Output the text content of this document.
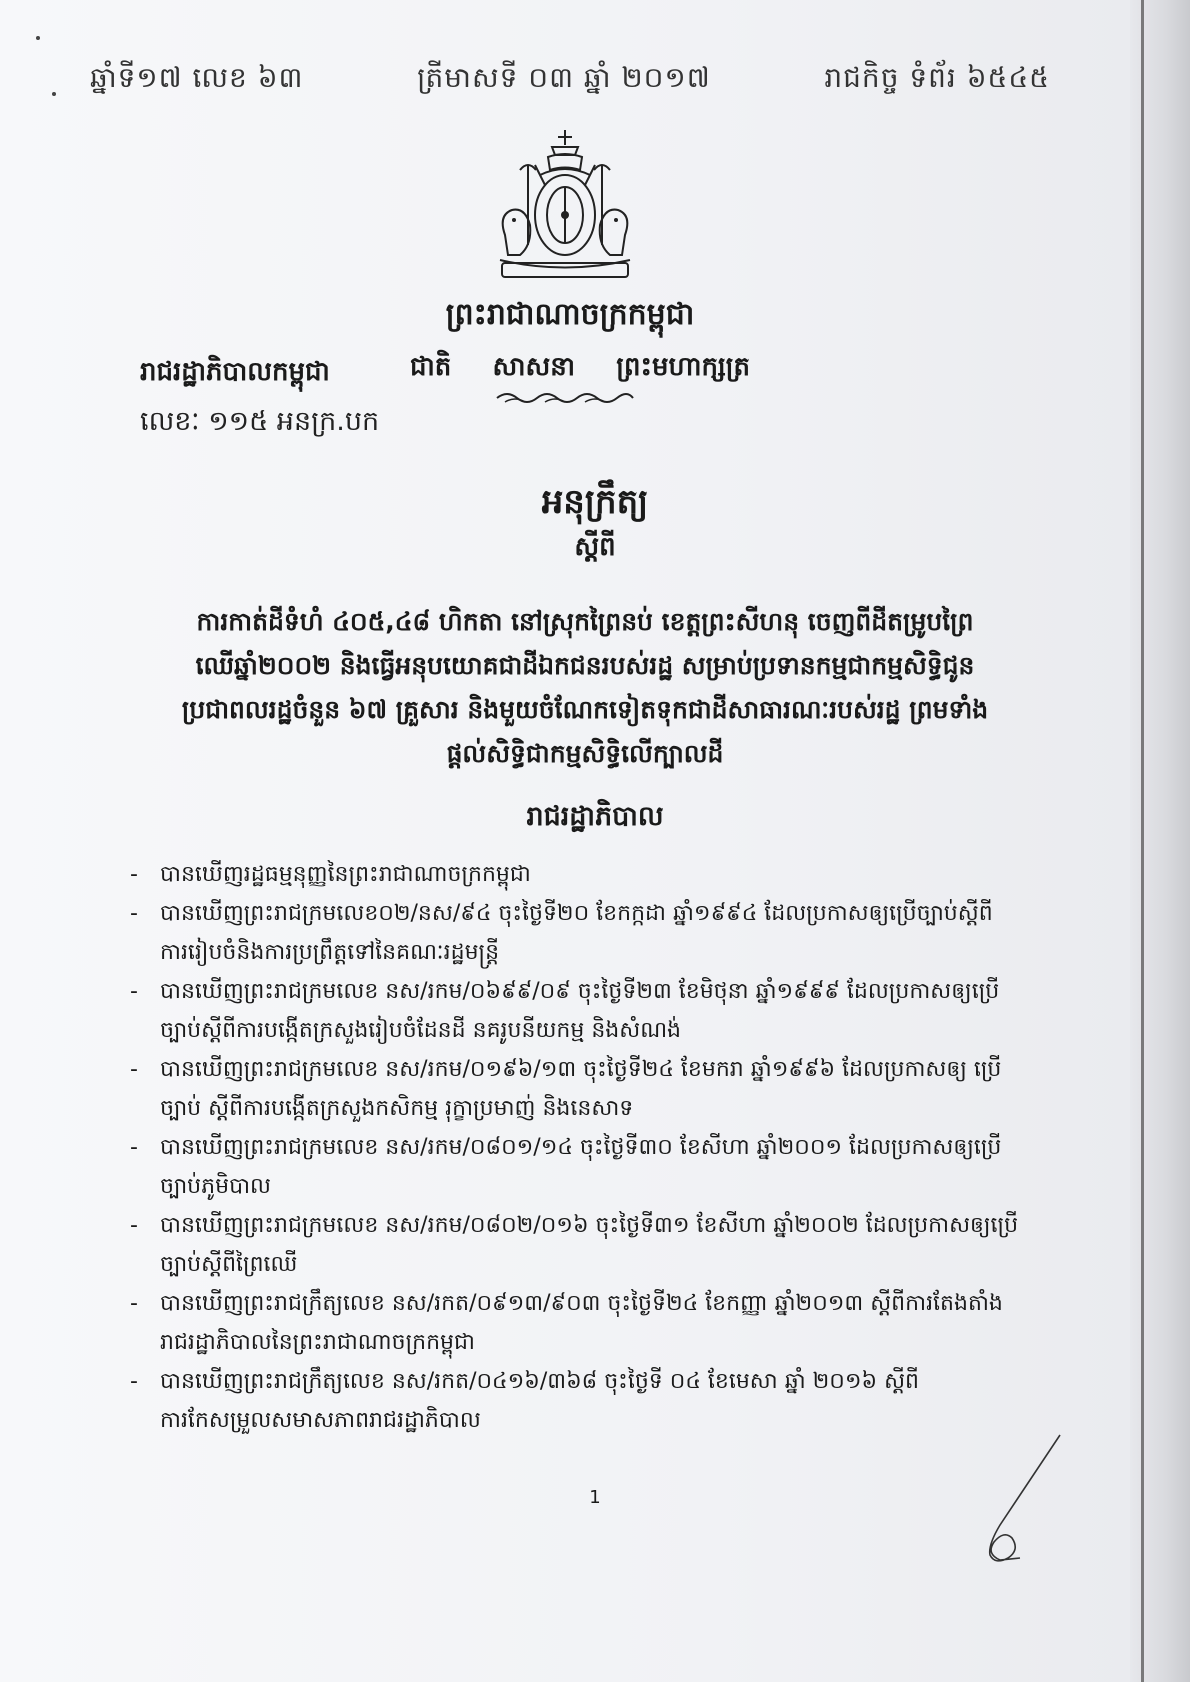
ឆ្នាំទី១៧ លេខ ៦៣	ត្រីមាសទី ០៣ ឆ្នាំ ២០១៧	រាជកិច្ច ទំព័រ ៦៥៤៥
ព្រះរាជាណាចក្រកម្ពុជា
ជាតិ សាសនា ព្រះមហាក្សត្រ
រាជរដ្ឋាភិបាលកម្ពុជា
លេខៈ ១១៥ អនក្រ.បក
អនុក្រឹត្យ
ស្តីពី
ការកាត់ដីទំហំ ៤០៥,៤៨ ហិកតា នៅស្រុកព្រៃនប់ ខេត្តព្រះសីហនុ ចេញពីដីតម្រូបព្រៃ
ឈើឆ្នាំ២០០២ និងធ្វើអនុបយោគជាដីឯកជនរបស់រដ្ឋ សម្រាប់ប្រទានកម្មជាកម្មសិទ្ធិជូន
ប្រជាពលរដ្ឋចំនួន ៦៧ គ្រួសារ និងមួយចំណែកទៀតទុកជាដីសាធារណៈរបស់រដ្ឋ ព្រមទាំង
ផ្តល់សិទ្ធិជាកម្មសិទ្ធិលើក្បាលដី
រាជរដ្ឋាភិបាល
- បានឃើញរដ្ឋធម្មនុញ្ញនៃព្រះរាជាណាចក្រកម្ពុជា
- បានឃើញព្រះរាជក្រមលេខ០២/នស/៩៤ ចុះថ្ងៃទី២០ ខែកក្កដា ឆ្នាំ១៩៩៤ ដែលប្រកាសឲ្យប្រើច្បាប់ស្តីពីការរៀបចំនិងការប្រព្រឹត្តទៅនៃគណៈរដ្ឋមន្ត្រី
- បានឃើញព្រះរាជក្រមលេខ នស/រកម/០៦៩៩/០៩ ចុះថ្ងៃទី២៣ ខែមិថុនា ឆ្នាំ១៩៩៩ ដែលប្រកាសឲ្យប្រើច្បាប់ស្តីពីការបង្កើតក្រសួងរៀបចំដែនដី នគរូបនីយកម្ម និងសំណង់
- បានឃើញព្រះរាជក្រមលេខ នស/រកម/០១៩៦/១៣ ចុះថ្ងៃទី២៤ ខែមករា ឆ្នាំ១៩៩៦ ដែលប្រកាសឲ្យ ប្រើច្បាប់ ស្តីពីការបង្កើតក្រសួងកសិកម្ម រុក្ខាប្រមាញ់ និងនេសាទ
- បានឃើញព្រះរាជក្រមលេខ នស/រកម/០៨០១/១៤ ចុះថ្ងៃទី៣០ ខែសីហា ឆ្នាំ២០០១ ដែលប្រកាសឲ្យប្រើច្បាប់ភូមិបាល
- បានឃើញព្រះរាជក្រមលេខ នស/រកម/០៨០២/០១៦ ចុះថ្ងៃទី៣១ ខែសីហា ឆ្នាំ២០០២ ដែលប្រកាសឲ្យប្រើច្បាប់ស្តីពីព្រៃឈើ
- បានឃើញព្រះរាជក្រឹត្យលេខ នស/រកត/០៩១៣/៩០៣ ចុះថ្ងៃទី២៤ ខែកញ្ញា ឆ្នាំ២០១៣ ស្តីពីការតែងតាំងរាជរដ្ឋាភិបាលនៃព្រះរាជាណាចក្រកម្ពុជា
- បានឃើញព្រះរាជក្រឹត្យលេខ នស/រកត/០៤១៦/៣៦៨ ចុះថ្ងៃទី ០៤ ខែមេសា ឆ្នាំ ២០១៦ ស្តីពីការកែសម្រួលសមាសភាពរាជរដ្ឋាភិបាល
1
